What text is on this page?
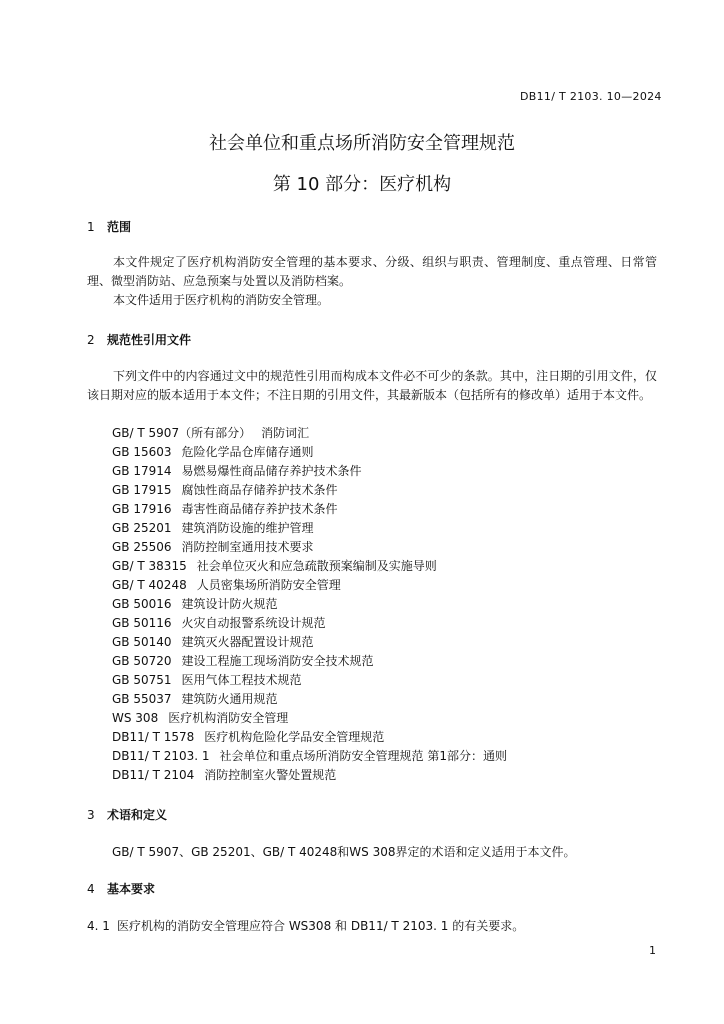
DB11/ T 2103. 10—2024
社会单位和重点场所消防安全管理规范
第 10 部分：医疗机构
1 范围
本文件规定了医疗机构消防安全管理的基本要求、分级、组织与职责、管理制度、重点管理、日常管理、微型消防站、应急预案与处置以及消防档案。
本文件适用于医疗机构的消防安全管理。
2 规范性引用文件
下列文件中的内容通过文中的规范性引用而构成本文件必不可少的条款。其中，注日期的引用文件，仅该日期对应的版本适用于本文件；不注日期的引用文件，其最新版本（包括所有的修改单）适用于本文件。
GB/ T 5907（所有部分） 消防词汇
GB 15603 危险化学品仓库储存通则
GB 17914 易燃易爆性商品储存养护技术条件
GB 17915 腐蚀性商品存储养护技术条件
GB 17916 毒害性商品储存养护技术条件
GB 25201 建筑消防设施的维护管理
GB 25506 消防控制室通用技术要求
GB/ T 38315 社会单位灭火和应急疏散预案编制及实施导则
GB/ T 40248 人员密集场所消防安全管理
GB 50016 建筑设计防火规范
GB 50116 火灾自动报警系统设计规范
GB 50140 建筑灭火器配置设计规范
GB 50720 建设工程施工现场消防安全技术规范
GB 50751 医用气体工程技术规范
GB 55037 建筑防火通用规范
WS 308 医疗机构消防安全管理
DB11/ T 1578 医疗机构危险化学品安全管理规范
DB11/ T 2103. 1 社会单位和重点场所消防安全管理规范 第1部分：通则
DB11/ T 2104 消防控制室火警处置规范
3 术语和定义
GB/ T 5907、GB 25201、GB/ T 40248和WS 308界定的术语和定义适用于本文件。
4 基本要求
4. 1 医疗机构的消防安全管理应符合 WS308 和 DB11/ T 2103. 1 的有关要求。
1
